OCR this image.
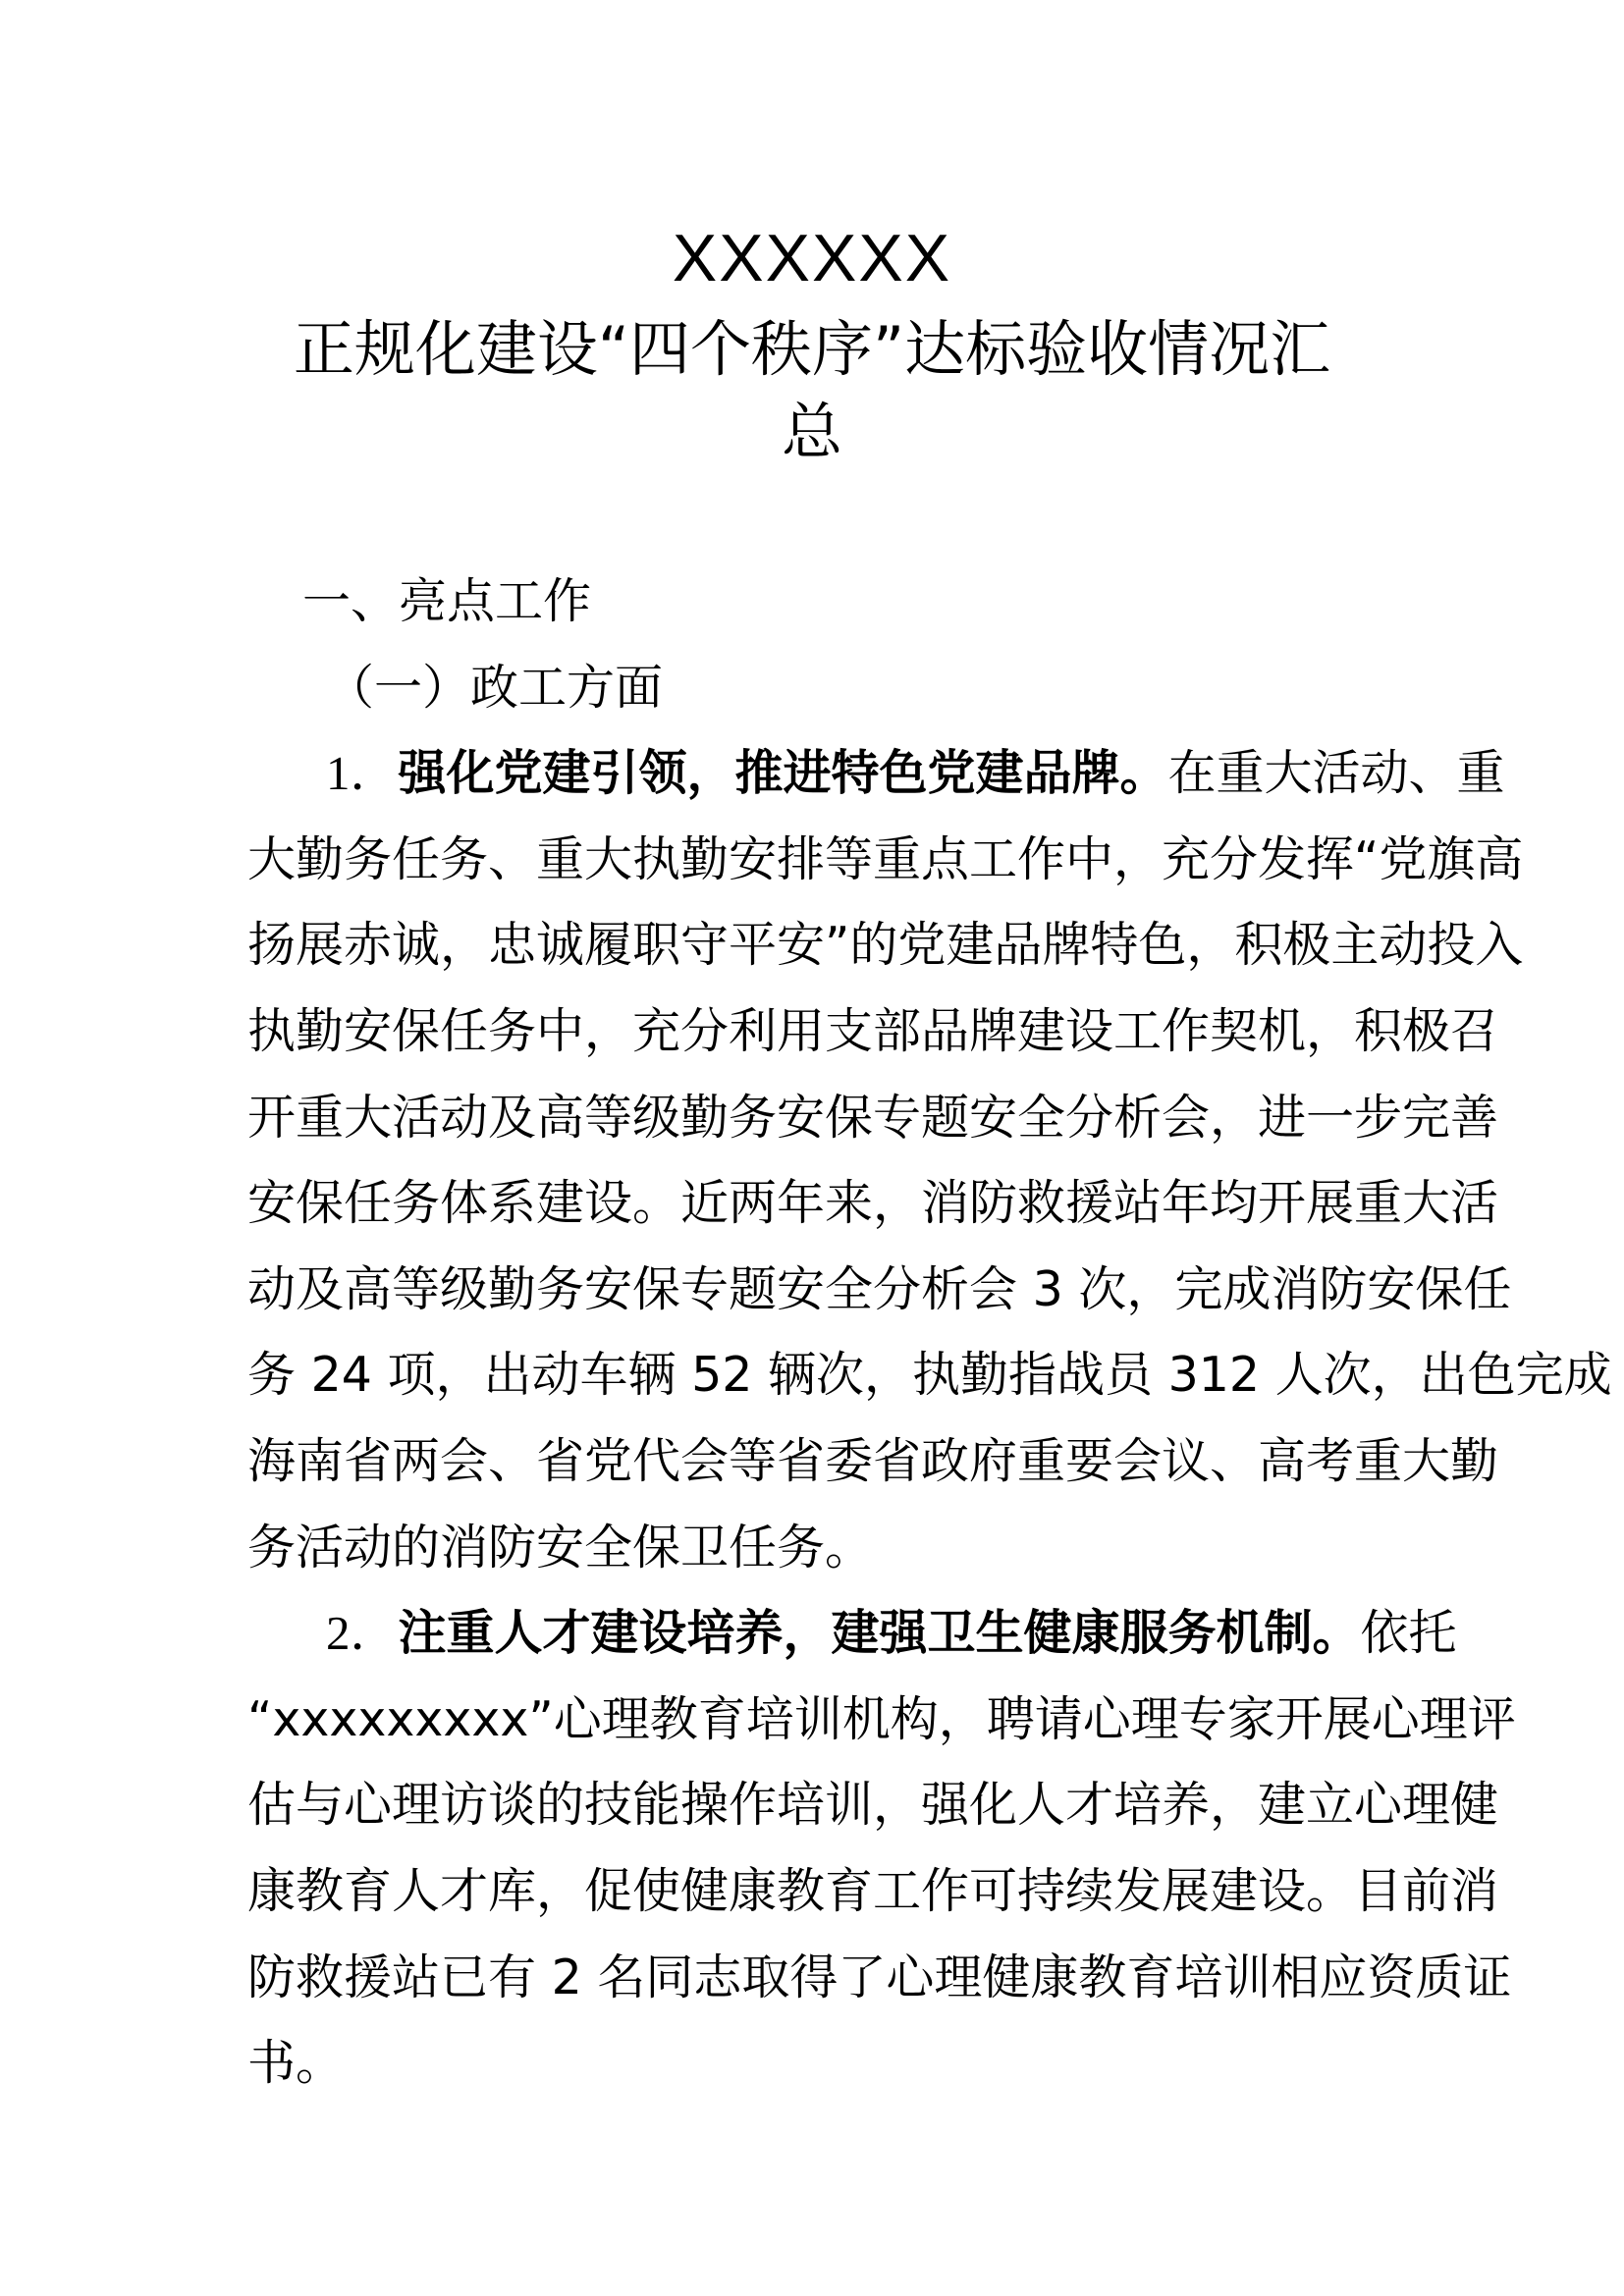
XXXXXX
正规化建设“四个秩序”达标验收情况汇
总
一、亮点工作
（一）政工方面
1．强化党建引领，推进特色党建品牌。在重大活动、重
大勤务任务、重大执勤安排等重点工作中，充分发挥“党旗高
扬展赤诚，忠诚履职守平安”的党建品牌特色，积极主动投入
执勤安保任务中，充分利用支部品牌建设工作契机，积极召
开重大活动及高等级勤务安保专题安全分析会，进一步完善
安保任务体系建设。近两年来，消防救援站年均开展重大活
动及高等级勤务安保专题安全分析会 3 次，完成消防安保任
务 24 项，出动车辆 52 辆次，执勤指战员 312 人次，出色完成
海南省两会、省党代会等省委省政府重要会议、高考重大勤
务活动的消防安全保卫任务。
2．注重人才建设培养，建强卫生健康服务机制。依托
“xxxxxxxxx”心理教育培训机构，聘请心理专家开展心理评
估与心理访谈的技能操作培训，强化人才培养，建立心理健
康教育人才库，促使健康教育工作可持续发展建设。目前消
防救援站已有 2 名同志取得了心理健康教育培训相应资质证
书。
